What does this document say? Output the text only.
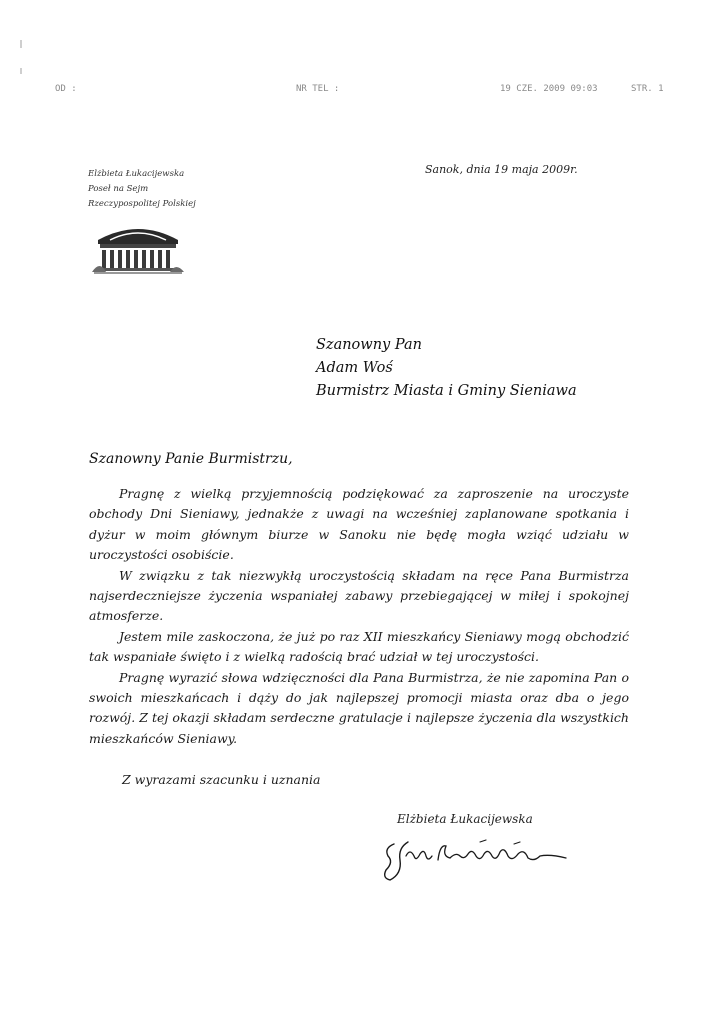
OD :	NR TEL :	19 CZE. 2009 09:03	STR. 1
Elżbieta Łukacijewska
Poseł na Sejm
Rzeczypospolitej Polskiej
Sanok, dnia 19 maja 2009r.
Szanowny Pan
Adam Woś
Burmistrz Miasta i Gminy Sieniawa
Szanowny Panie Burmistrzu,

Pragnę z wielką przyjemnością podziękować za zaproszenie na uroczyste obchody Dni Sieniawy, jednakże z uwagi na wcześniej zaplanowane spotkania i dyżur w moim głównym biurze w Sanoku nie będę mogła wziąć udziału w uroczystości osobiście.

W związku z tak niezwykłą uroczystością składam na ręce Pana Burmistrza najserdeczniejsze życzenia wspaniałej zabawy przebiegającej w miłej i spokojnej atmosferze.

Jestem mile zaskoczona, że już po raz XII mieszkańcy Sieniawy mogą obchodzić tak wspaniałe święto i z wielką radością brać udział w tej uroczystości.

Pragnę wyrazić słowa wdzięczności dla Pana Burmistrza, że nie zapomina Pan o swoich mieszkańcach i dąży do jak najlepszej promocji miasta oraz dba o jego rozwój. Z tej okazji składam serdeczne gratulacje i najlepsze życzenia dla wszystkich mieszkańców Sieniawy.

Z wyrazami szacunku i uznania
Elżbieta Łukacijewska
